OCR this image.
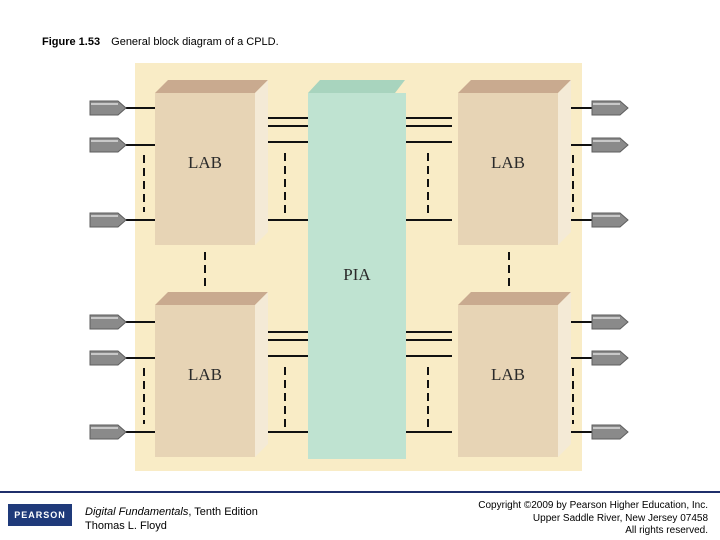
Figure 1.53 General block diagram of a CPLD.
LAB	LAB
LAB	LAB
PIA
PEARSON	Digital Fundamentals, Tenth Edition
Thomas L. Floyd
Copyright ©2009 by Pearson Higher Education, Inc.
Upper Saddle River, New Jersey 07458
All rights reserved.
